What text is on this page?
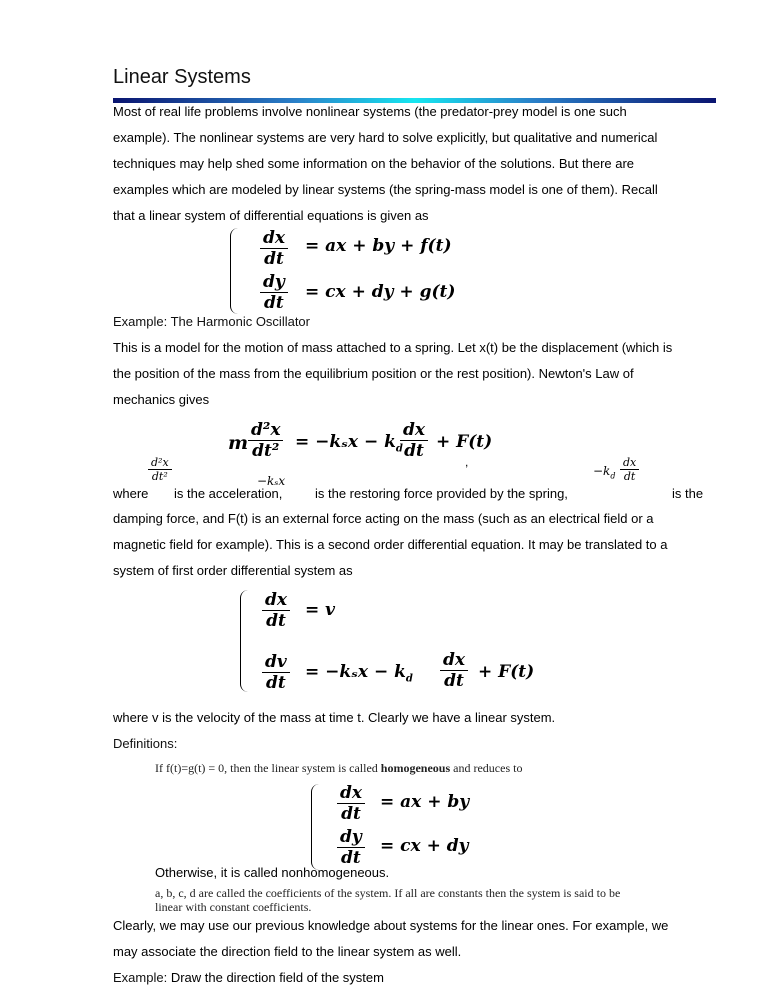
Linear Systems
Most of real life problems involve nonlinear systems (the predator-prey model is one such
example). The nonlinear systems are very hard to solve explicitly, but qualitative and numerical
techniques may help shed some information on the behavior of the solutions. But there are
examples which are modeled by linear systems (the spring-mass model is one of them). Recall
that a linear system of differential equations is given as
$\frac{dx}{dt}$ = ax + by + f(t)
$\frac{dy}{dt}$ = cx + dy + g(t)
Example: The Harmonic Oscillator
This is a model for the motion of mass attached to a spring. Let x(t) be the displacement (which is
the position of the mass from the equilibrium position or the rest position). Newton's Law of
mechanics gives
m $\frac{\text{d²x}}{\text{dt²}} = -k_sx - k_d$
$\frac{dx}{dt} + F(t)$
,
$\frac{\text{d²x}}{\text{dt²}}$	−kₛx
$-k_d \frac{dx}{dt}$
where is the acceleration,	is the restoring force provided by the spring,	is the
damping force, and F(t) is an external force acting on the mass (such as an electrical field or a
magnetic field for example). This is a second order differential equation. It may be translated to a
system of first order differential system as
$\frac{dx}{dt} = v$
$\frac{dv}{dt} = -k_sx - k_d \frac{dx}{dt} + F(t)$
where v is the velocity of the mass at time t. Clearly we have a linear system.
Definitions:
If f(t)=g(t) = 0, then the linear system is called homogeneous and reduces to
$\frac{dx}{dt}$ = ax + by
$\frac{dy}{dt}$ = cx + dy
Otherwise, it is called nonhomogeneous.
a, b, c, d are called the coefficients of the system. If all are constants then the system is said to be
linear with constant coefficients.
Clearly, we may use our previous knowledge about systems for the linear ones. For example, we
may associate the direction field to the linear system as well.
Example: Draw the direction field of the system
